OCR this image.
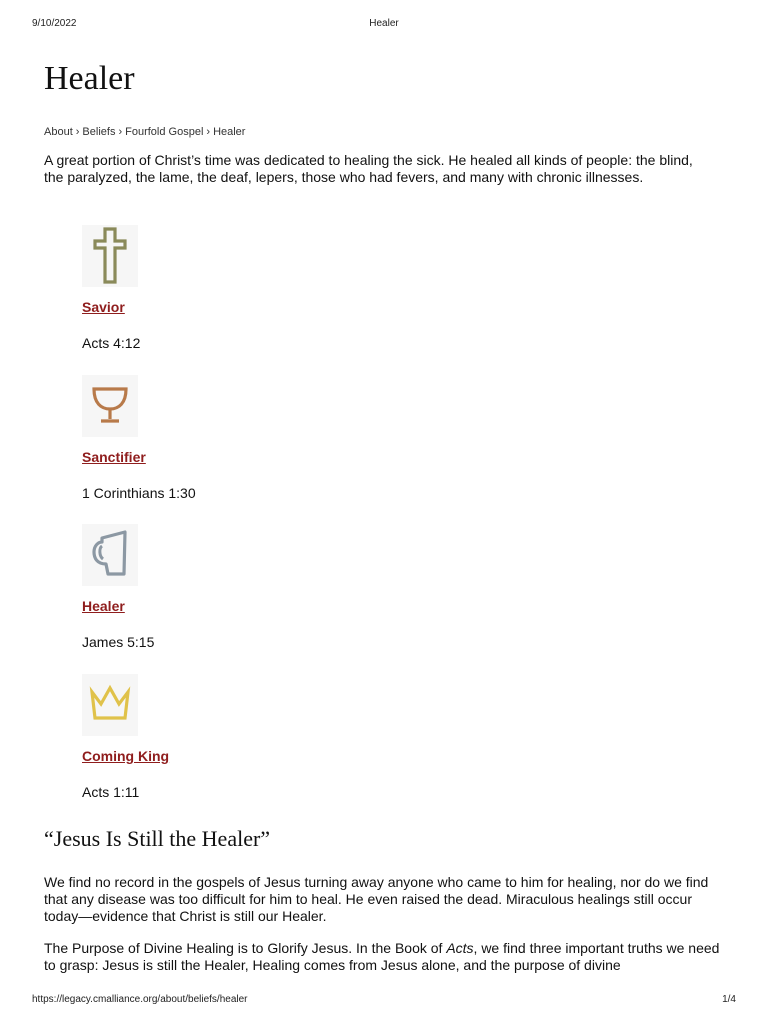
9/10/2022	Healer
Healer
About › Beliefs › Fourfold Gospel › Healer

A great portion of Christ’s time was dedicated to healing the sick. He healed all kinds of people: the blind, the paralyzed, the lame, the deaf, lepers, those who had fevers, and many with chronic illnesses.

Savior
Acts 4:12
Sanctifier
1 Corinthians 1:30
Healer
James 5:15
Coming King
Acts 1:11
“Jesus Is Still the Healer”

We find no record in the gospels of Jesus turning away anyone who came to him for healing, nor do we find that any disease was too difficult for him to heal. He even raised the dead. Miraculous healings still occur today—evidence that Christ is still our Healer.

The Purpose of Divine Healing is to Glorify Jesus. In the Book of Acts, we find three important truths we need to grasp: Jesus is still the Healer, Healing comes from Jesus alone, and the purpose of divine

https://legacy.cmalliance.org/about/beliefs/healer	1/4
